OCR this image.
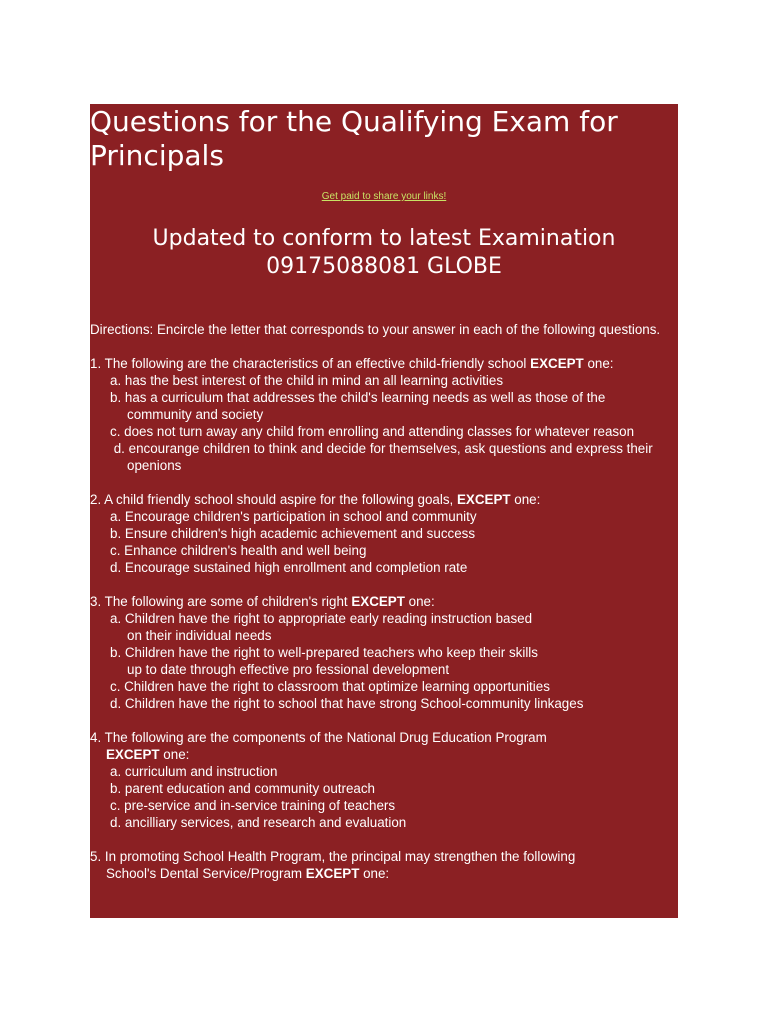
Questions for the Qualifying Exam for Principals
Get paid to share your links!
Updated to conform to latest Examination
09175088081 GLOBE

Directions: Encircle the letter that corresponds to your answer in each of the following questions.

1. The following are the characteristics of an effective child-friendly school EXCEPT one:

a. has the best interest of the child in mind an all learning activities

b. has a curriculum that addresses the child's learning needs as well as those of the

community and society

c. does not turn away any child from enrolling and attending classes for whatever reason

d. encourange children to think and decide for themselves, ask questions and express their

openions

2. A child friendly school should aspire for the following goals, EXCEPT one:

a. Encourage children's participation in school and community

b. Ensure children's high academic achievement and success

c. Enhance children's health and well being

d. Encourage sustained high enrollment and completion rate

3. The following are some of children's right EXCEPT one:

a. Children have the right to appropriate early reading instruction based

on their individual needs

b. Children have the right to well-prepared teachers who keep their skills

up to date through effective pro fessional development

c. Children have the right to classroom that optimize learning opportunities

d. Children have the right to school that have strong School-community linkages

4. The following are the components of the National Drug Education Program

EXCEPT one:

a. curriculum and instruction

b. parent education and community outreach

c. pre-service and in-service training of teachers

d. ancilliary services, and research and evaluation

5. In promoting School Health Program, the principal may strengthen the following

School's Dental Service/Program EXCEPT one:
